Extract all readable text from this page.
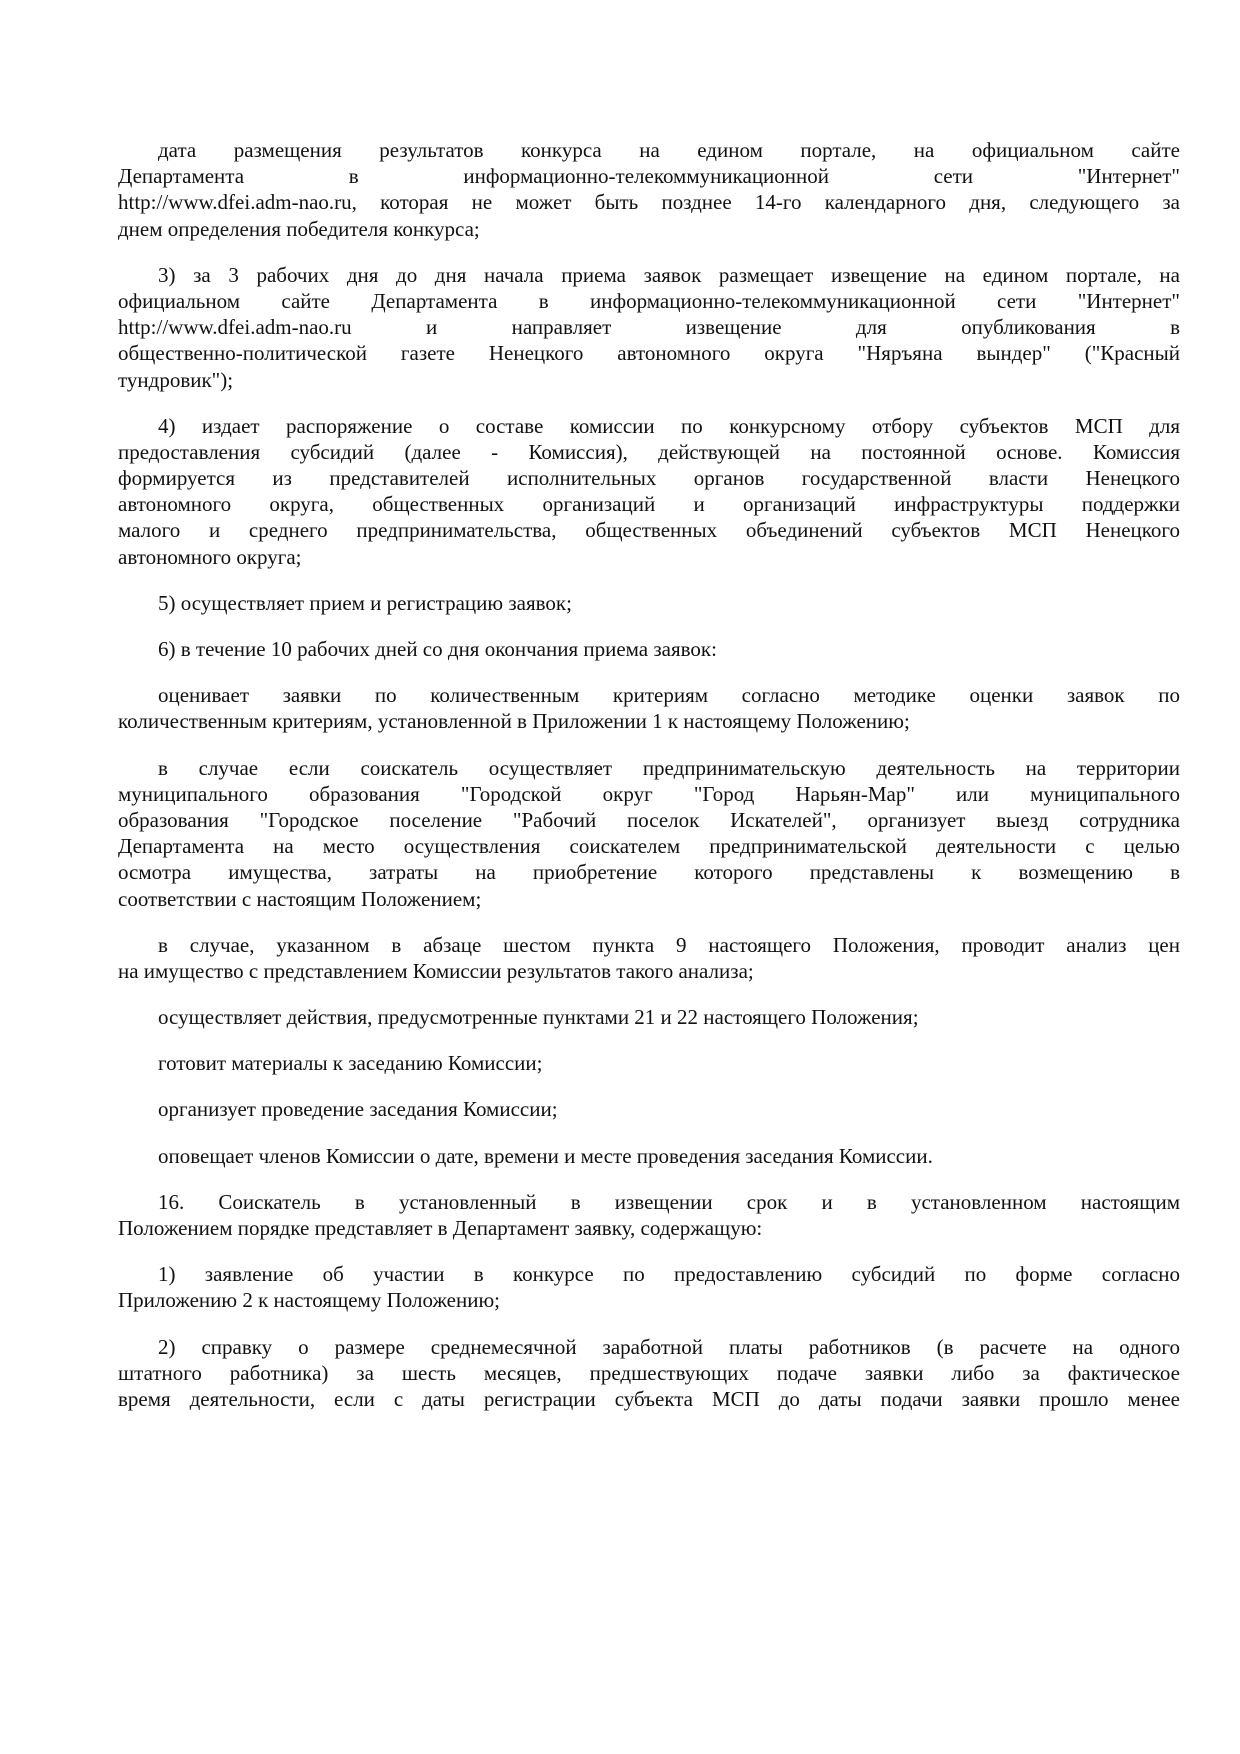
дата размещения результатов конкурса на едином портале, на официальном сайте
Департамента в информационно-телекоммуникационной сети "Интернет"
http://www.dfei.adm-nao.ru, которая не может быть позднее 14-го календарного дня, следующего за
днем определения победителя конкурса;
3) за 3 рабочих дня до дня начала приема заявок размещает извещение на едином портале, на
официальном сайте Департамента в информационно-телекоммуникационной сети "Интернет"
http://www.dfei.adm-nao.ru и направляет извещение для опубликования в
общественно-политической газете Ненецкого автономного округа "Няръяна вындер" ("Красный
тундровик");
4) издает распоряжение о составе комиссии по конкурсному отбору субъектов МСП для
предоставления субсидий (далее - Комиссия), действующей на постоянной основе. Комиссия
формируется из представителей исполнительных органов государственной власти Ненецкого
автономного округа, общественных организаций и организаций инфраструктуры поддержки
малого и среднего предпринимательства, общественных объединений субъектов МСП Ненецкого
автономного округа;
5) осуществляет прием и регистрацию заявок;
6) в течение 10 рабочих дней со дня окончания приема заявок:
оценивает заявки по количественным критериям согласно методике оценки заявок по
количественным критериям, установленной в Приложении 1 к настоящему Положению;
в случае если соискатель осуществляет предпринимательскую деятельность на территории
муниципального образования "Городской округ "Город Нарьян-Мар" или муниципального
образования "Городское поселение "Рабочий поселок Искателей", организует выезд сотрудника
Департамента на место осуществления соискателем предпринимательской деятельности с целью
осмотра имущества, затраты на приобретение которого представлены к возмещению в
соответствии с настоящим Положением;
в случае, указанном в абзаце шестом пункта 9 настоящего Положения, проводит анализ цен
на имущество с представлением Комиссии результатов такого анализа;
осуществляет действия, предусмотренные пунктами 21 и 22 настоящего Положения;
готовит материалы к заседанию Комиссии;
организует проведение заседания Комиссии;
оповещает членов Комиссии о дате, времени и месте проведения заседания Комиссии.
16. Соискатель в установленный в извещении срок и в установленном настоящим
Положением порядке представляет в Департамент заявку, содержащую:
1) заявление об участии в конкурсе по предоставлению субсидий по форме согласно
Приложению 2 к настоящему Положению;
2) справку о размере среднемесячной заработной платы работников (в расчете на одного
штатного работника) за шесть месяцев, предшествующих подаче заявки либо за фактическое
время деятельности, если с даты регистрации субъекта МСП до даты подачи заявки прошло менее
